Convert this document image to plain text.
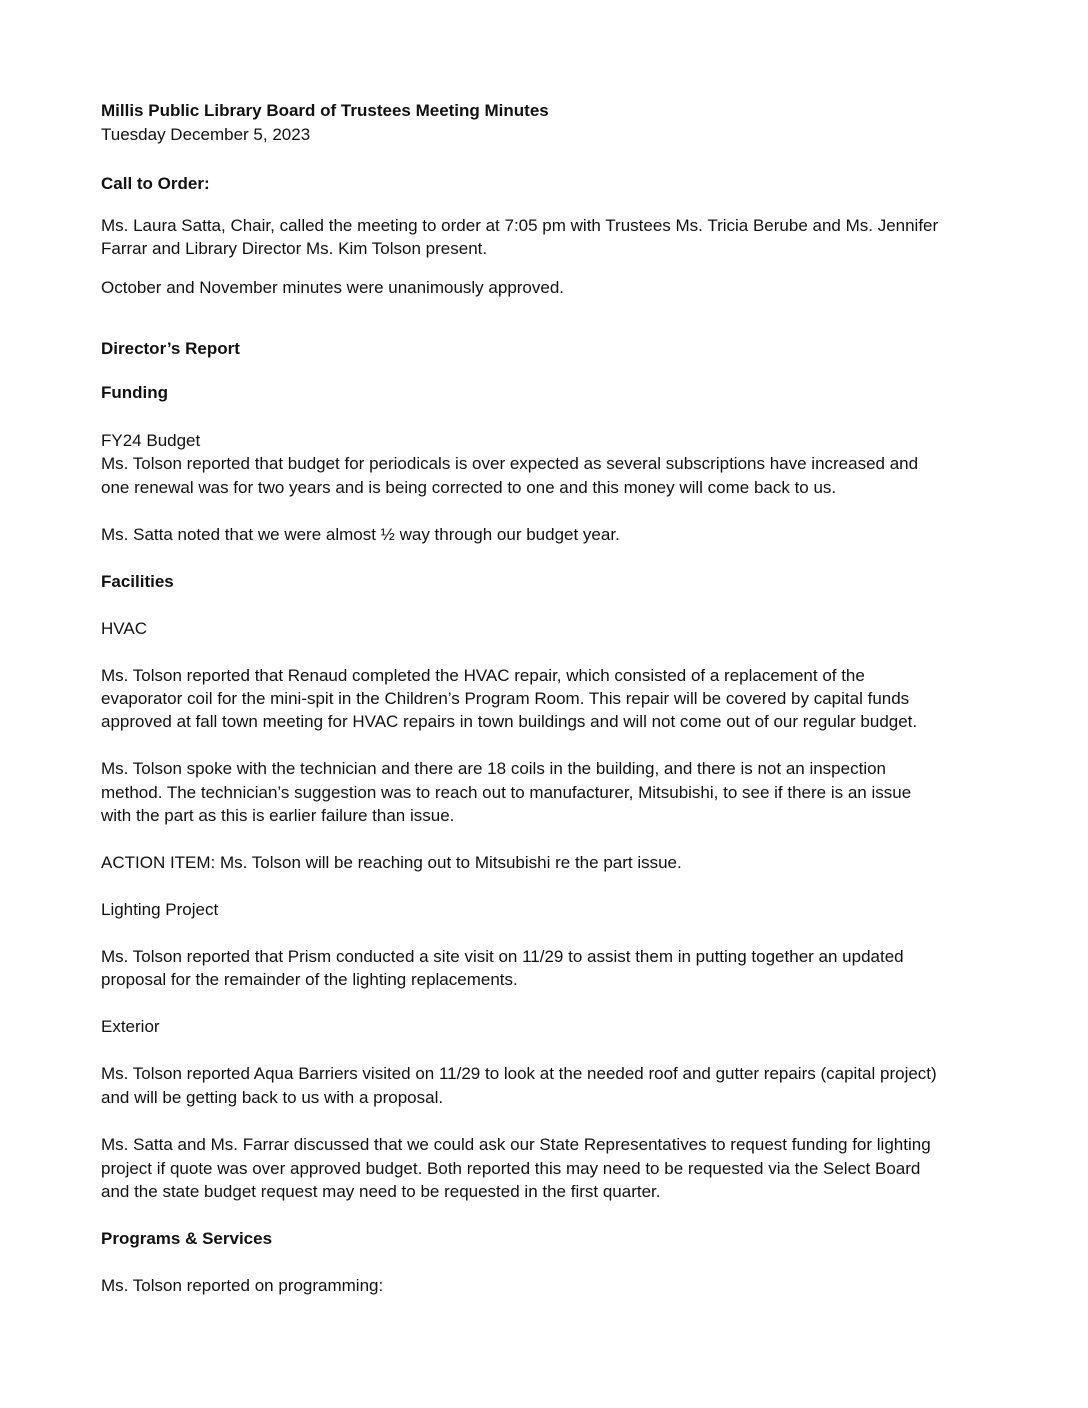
Millis Public Library Board of Trustees Meeting Minutes
Tuesday December 5, 2023
Call to Order:
Ms. Laura Satta, Chair, called the meeting to order at 7:05 pm with Trustees Ms. Tricia Berube and Ms. Jennifer
Farrar and Library Director Ms. Kim Tolson present.
October and November minutes were unanimously approved.
Director’s Report
Funding
FY24 Budget
Ms. Tolson reported that budget for periodicals is over expected as several subscriptions have increased and
one renewal was for two years and is being corrected to one and this money will come back to us.
Ms. Satta noted that we were almost ½ way through our budget year.
Facilities
HVAC
Ms. Tolson reported that Renaud completed the HVAC repair, which consisted of a replacement of the
evaporator coil for the mini-spit in the Children’s Program Room. This repair will be covered by capital funds
approved at fall town meeting for HVAC repairs in town buildings and will not come out of our regular budget.
Ms. Tolson spoke with the technician and there are 18 coils in the building, and there is not an inspection
method. The technician’s suggestion was to reach out to manufacturer, Mitsubishi, to see if there is an issue
with the part as this is earlier failure than issue.
ACTION ITEM: Ms. Tolson will be reaching out to Mitsubishi re the part issue.
Lighting Project
Ms. Tolson reported that Prism conducted a site visit on 11/29 to assist them in putting together an updated
proposal for the remainder of the lighting replacements.
Exterior
Ms. Tolson reported Aqua Barriers visited on 11/29 to look at the needed roof and gutter repairs (capital project)
and will be getting back to us with a proposal.
Ms. Satta and Ms. Farrar discussed that we could ask our State Representatives to request funding for lighting
project if quote was over approved budget. Both reported this may need to be requested via the Select Board
and the state budget request may need to be requested in the first quarter.
Programs & Services
Ms. Tolson reported on programming:
